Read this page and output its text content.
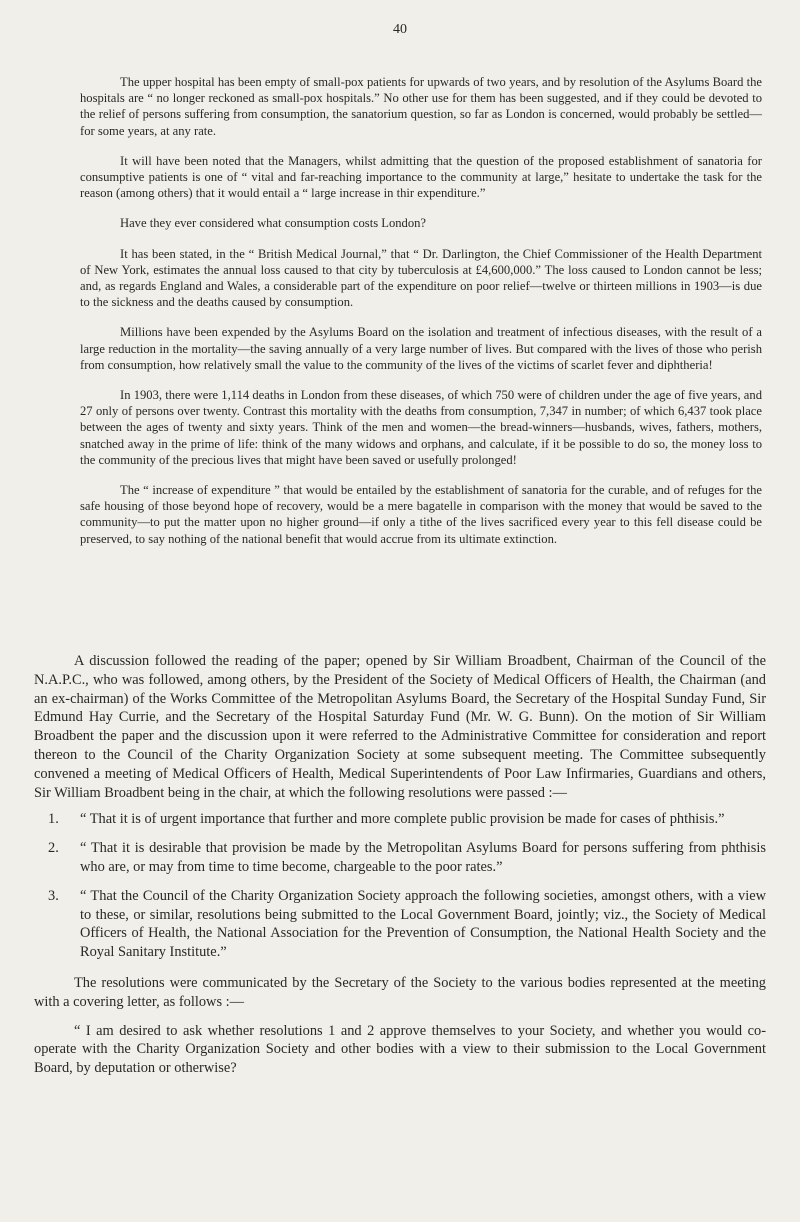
40

The upper hospital has been empty of small-pox patients for upwards of two years, and by resolution of the Asylums Board the hospitals are “ no longer reckoned as small-pox hospitals.” No other use for them has been suggested, and if they could be devoted to the relief of persons suffering from consumption, the sanatorium question, so far as London is concerned, would probably be settled—for some years, at any rate.

It will have been noted that the Managers, whilst admitting that the question of the proposed establishment of sanatoria for consumptive patients is one of “ vital and far-reaching importance to the community at large,” hesitate to undertake the task for the reason (among others) that it would entail a “ large increase in thir expenditure.”

Have they ever considered what consumption costs London?

It has been stated, in the “ British Medical Journal,” that “ Dr. Darlington, the Chief Commissioner of the Health Department of New York, estimates the annual loss caused to that city by tuberculosis at £4,600,000.” The loss caused to London cannot be less; and, as regards England and Wales, a considerable part of the expenditure on poor relief—twelve or thirteen millions in 1903—is due to the sickness and the deaths caused by consumption.

Millions have been expended by the Asylums Board on the isolation and treatment of infectious diseases, with the result of a large reduction in the mortality—the saving annually of a very large number of lives. But compared with the lives of those who perish from consumption, how relatively small the value to the community of the lives of the victims of scarlet fever and diphtheria!

In 1903, there were 1,114 deaths in London from these diseases, of which 750 were of children under the age of five years, and 27 only of persons over twenty. Contrast this mortality with the deaths from consumption, 7,347 in number; of which 6,437 took place between the ages of twenty and sixty years. Think of the men and women—the bread-winners—husbands, wives, fathers, mothers, snatched away in the prime of life: think of the many widows and orphans, and calculate, if it be possible to do so, the money loss to the community of the precious lives that might have been saved or usefully prolonged!

The “ increase of expenditure ” that would be entailed by the establishment of sanatoria for the curable, and of refuges for the safe housing of those beyond hope of recovery, would be a mere bagatelle in comparison with the money that would be saved to the community—to put the matter upon no higher ground—if only a tithe of the lives sacrificed every year to this fell disease could be preserved, to say nothing of the national benefit that would accrue from its ultimate extinction.

A discussion followed the reading of the paper; opened by Sir William Broadbent, Chairman of the Council of the N.A.P.C., who was followed, among others, by the President of the Society of Medical Officers of Health, the Chairman (and an ex-chairman) of the Works Committee of the Metropolitan Asylums Board, the Secretary of the Hospital Sunday Fund, Sir Edmund Hay Currie, and the Secretary of the Hospital Saturday Fund (Mr. W. G. Bunn). On the motion of Sir William Broadbent the paper and the discussion upon it were referred to the Administrative Committee for consideration and report thereon to the Council of the Charity Organization Society at some subsequent meeting. The Committee subsequently convened a meeting of Medical Officers of Health, Medical Superintendents of Poor Law Infirmaries, Guardians and others, Sir William Broadbent being in the chair, at which the following resolutions were passed :—

1.	“ That it is of urgent importance that further and more complete public provision be made for cases of phthisis.”
2.	“ That it is desirable that provision be made by the Metropolitan Asylums Board for persons suffering from phthisis who are, or may from time to time become, chargeable to the poor rates.”
3.	“ That the Council of the Charity Organization Society approach the following societies, amongst others, with a view to these, or similar, resolutions being submitted to the Local Government Board, jointly; viz., the Society of Medical Officers of Health, the National Association for the Prevention of Consumption, the National Health Society and the Royal Sanitary Institute.”

The resolutions were communicated by the Secretary of the Society to the various bodies represented at the meeting with a covering letter, as follows :—

“ I am desired to ask whether resolutions 1 and 2 approve themselves to your Society, and whether you would co-operate with the Charity Organization Society and other bodies with a view to their submission to the Local Government Board, by deputation or otherwise?
